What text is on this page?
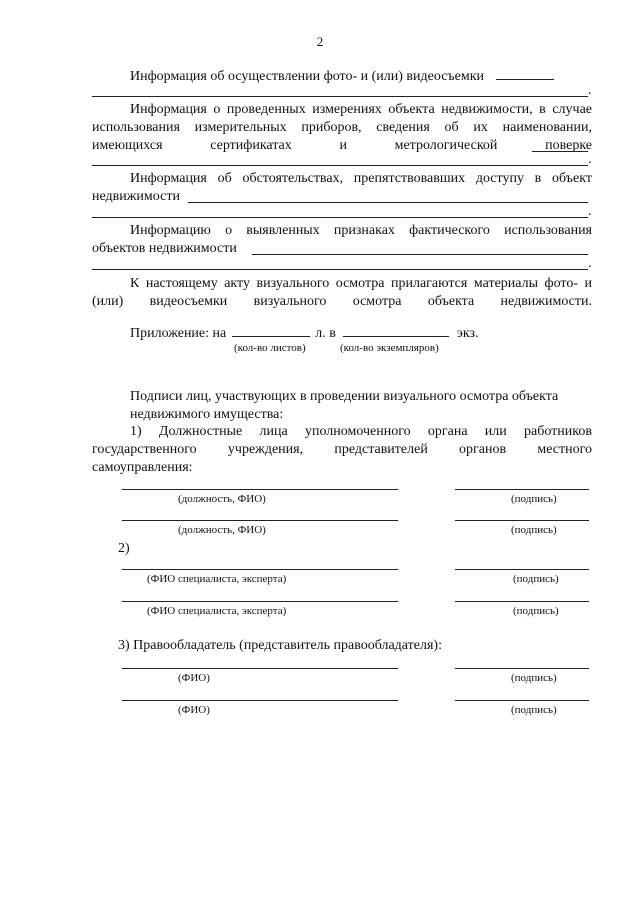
2
Информация об осуществлении фото- и (или) видеосъемки
.
Информация о проведенных измерениях объекта недвижимости, в случае использования измерительных приборов, сведения об их наименовании, имеющихся сертификатах и метрологической поверке
.
Информация об обстоятельствах, препятствовавших доступу в объект
недвижимости
.
Информацию о выявленных признаках фактического использования
объектов недвижимости
.
К настоящему акту визуального осмотра прилагаются материалы фото- и (или) видеосъемки визуального осмотра объекта недвижимости.
Приложение: на	л. в	экз.
(кол-во листов)	(кол-во экземпляров)
Подписи лиц, участвующих в проведении визуального осмотра объекта недвижимого имущества:
1) Должностные лица уполномоченного органа или работников
государственного учреждения, представителей органов местного
самоуправления:
(должность, ФИО)	(подпись)
(должность, ФИО)	(подпись)
2)
(ФИО специалиста, эксперта)	(подпись)
(ФИО специалиста, эксперта)	(подпись)
3) Правообладатель (представитель правообладателя):
(ФИО)	(подпись)
(ФИО)	(подпись)
